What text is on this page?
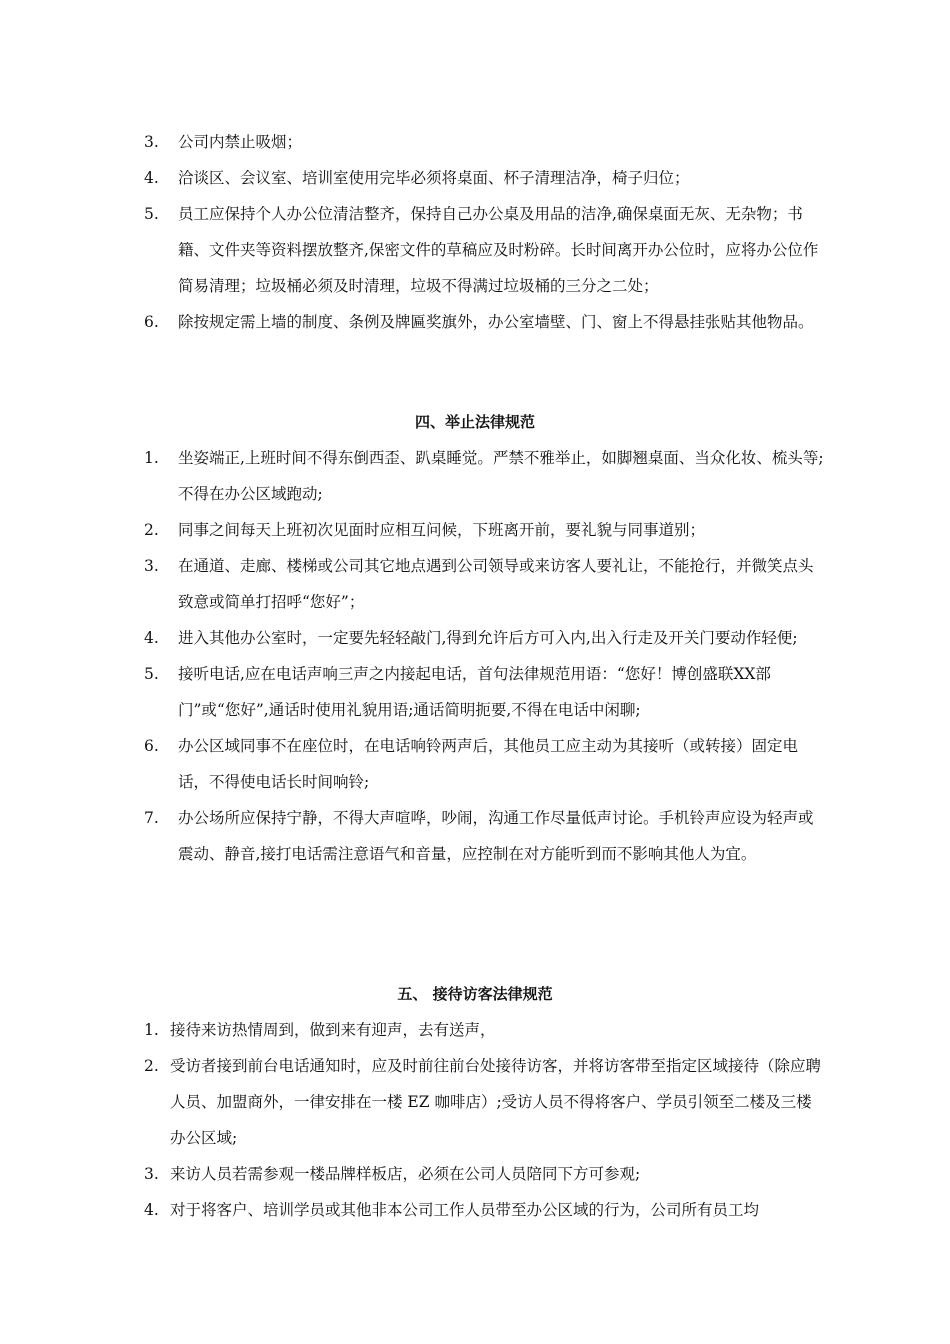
3. 公司内禁止吸烟；
4. 洽谈区、会议室、培训室使用完毕必须将桌面、杯子清理洁净，椅子归位；
5. 员工应保持个人办公位清洁整齐，保持自己办公桌及用品的洁净,确保桌面无灰、无杂物；书籍、文件夹等资料摆放整齐,保密文件的草稿应及时粉碎。长时间离开办公位时，应将办公位作简易清理；垃圾桶必须及时清理，垃圾不得满过垃圾桶的三分之二处；
6. 除按规定需上墙的制度、条例及牌匾奖旗外，办公室墙壁、门、窗上不得悬挂张贴其他物品。
四、举止法律规范
1. 坐姿端正,上班时间不得东倒西歪、趴桌睡觉。严禁不雅举止，如脚翘桌面、当众化妆、梳头等;不得在办公区域跑动;
2. 同事之间每天上班初次见面时应相互问候，下班离开前，要礼貌与同事道别；
3. 在通道、走廊、楼梯或公司其它地点遇到公司领导或来访客人要礼让，不能抢行，并微笑点头致意或简单打招呼“您好”；
4. 进入其他办公室时，一定要先轻轻敲门,得到允许后方可入内,出入行走及开关门要动作轻便;
5. 接听电话,应在电话声响三声之内接起电话，首句法律规范用语：“您好！博创盛联XX部门”或“您好”,通话时使用礼貌用语;通话简明扼要,不得在电话中闲聊;
6. 办公区域同事不在座位时，在电话响铃两声后，其他员工应主动为其接听（或转接）固定电话，不得使电话长时间响铃;
7. 办公场所应保持宁静，不得大声喧哗，吵闹，沟通工作尽量低声讨论。手机铃声应设为轻声或震动、静音,接打电话需注意语气和音量，应控制在对方能听到而不影响其他人为宜。
五、 接待访客法律规范
1. 接待来访热情周到，做到来有迎声，去有送声，
2. 受访者接到前台电话通知时，应及时前往前台处接待访客，并将访客带至指定区域接待（除应聘人员、加盟商外，一律安排在一楼 EZ 咖啡店）;受访人员不得将客户、学员引领至二楼及三楼办公区域;
3. 来访人员若需参观一楼品牌样板店，必须在公司人员陪同下方可参观;
4. 对于将客户、培训学员或其他非本公司工作人员带至办公区域的行为，公司所有员工均
